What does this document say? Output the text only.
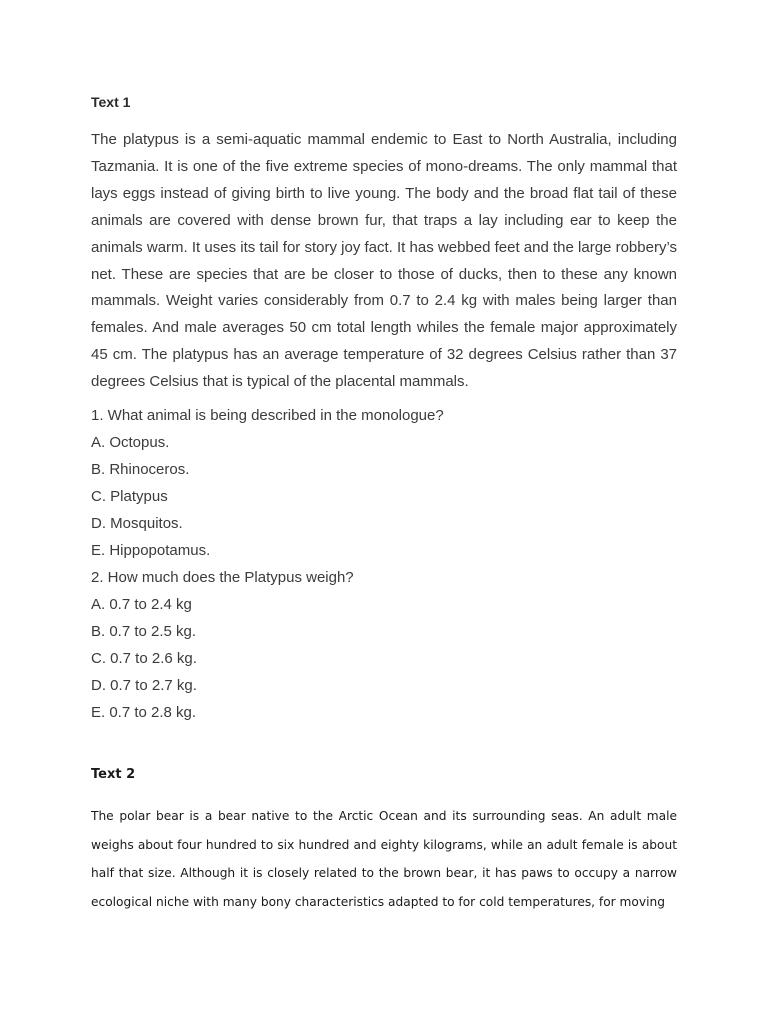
Text 1

The platypus is a semi-aquatic mammal endemic to East to North Australia, including Tazmania. It is one of the five extreme species of mono-dreams. The only mammal that lays eggs instead of giving birth to live young. The body and the broad flat tail of these animals are covered with dense brown fur, that traps a lay including ear to keep the animals warm. It uses its tail for story joy fact. It has webbed feet and the large robbery’s net. These are species that are be closer to those of ducks, then to these any known mammals. Weight varies considerably from 0.7 to 2.4 kg with males being larger than females. And male averages 50 cm total length whiles the female major approximately 45 cm. The platypus has an average temperature of 32 degrees Celsius rather than 37 degrees Celsius that is typical of the placental mammals.

1. What animal is being described in the monologue?
A. Octopus.
B. Rhinoceros.
C. Platypus
D. Mosquitos.
E. Hippopotamus.
2. How much does the Platypus weigh?
A. 0.7 to 2.4 kg
B. 0.7 to 2.5 kg.
C. 0.7 to 2.6 kg.
D. 0.7 to 2.7 kg.
E. 0.7 to 2.8 kg.
Text 2

The polar bear is a bear native to the Arctic Ocean and its surrounding seas. An adult male weighs about four hundred to six hundred and eighty kilograms, while an adult female is about half that size. Although it is closely related to the brown bear, it has paws to occupy a narrow ecological niche with many bony characteristics adapted to for cold temperatures, for moving
